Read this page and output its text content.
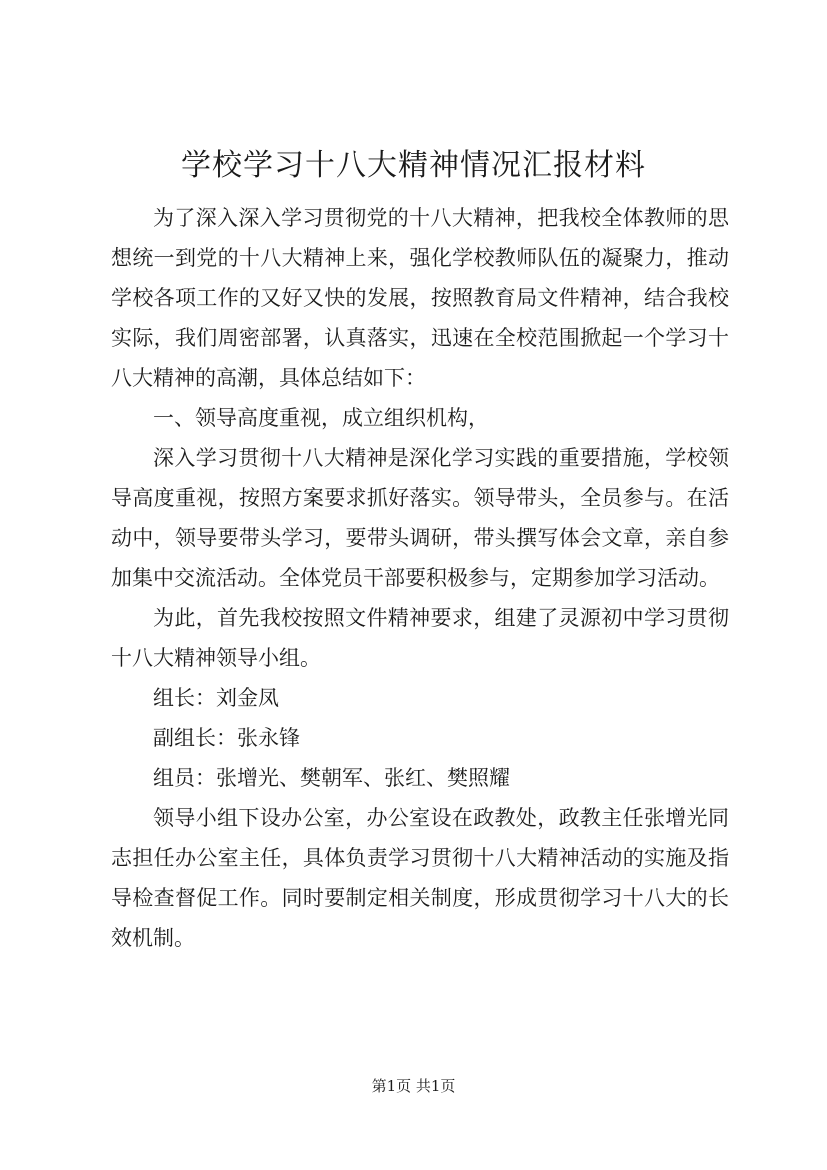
学校学习十八大精神情况汇报材料

为了深入深入学习贯彻党的十八大精神，把我校全体教师的思想统一到党的十八大精神上来，强化学校教师队伍的凝聚力，推动学校各项工作的又好又快的发展，按照教育局文件精神，结合我校实际，我们周密部署，认真落实，迅速在全校范围掀起一个学习十八大精神的高潮，具体总结如下：

一、领导高度重视，成立组织机构，

深入学习贯彻十八大精神是深化学习实践的重要措施，学校领导高度重视，按照方案要求抓好落实。领导带头，全员参与。在活动中，领导要带头学习，要带头调研，带头撰写体会文章，亲自参加集中交流活动。全体党员干部要积极参与，定期参加学习活动。

为此，首先我校按照文件精神要求，组建了灵源初中学习贯彻十八大精神领导小组。

组长：刘金凤

副组长：张永锋

组员：张增光、樊朝军、张红、樊照耀

领导小组下设办公室，办公室设在政教处，政教主任张增光同志担任办公室主任，具体负责学习贯彻十八大精神活动的实施及指导检查督促工作。同时要制定相关制度，形成贯彻学习十八大的长效机制。

第1页 共1页
